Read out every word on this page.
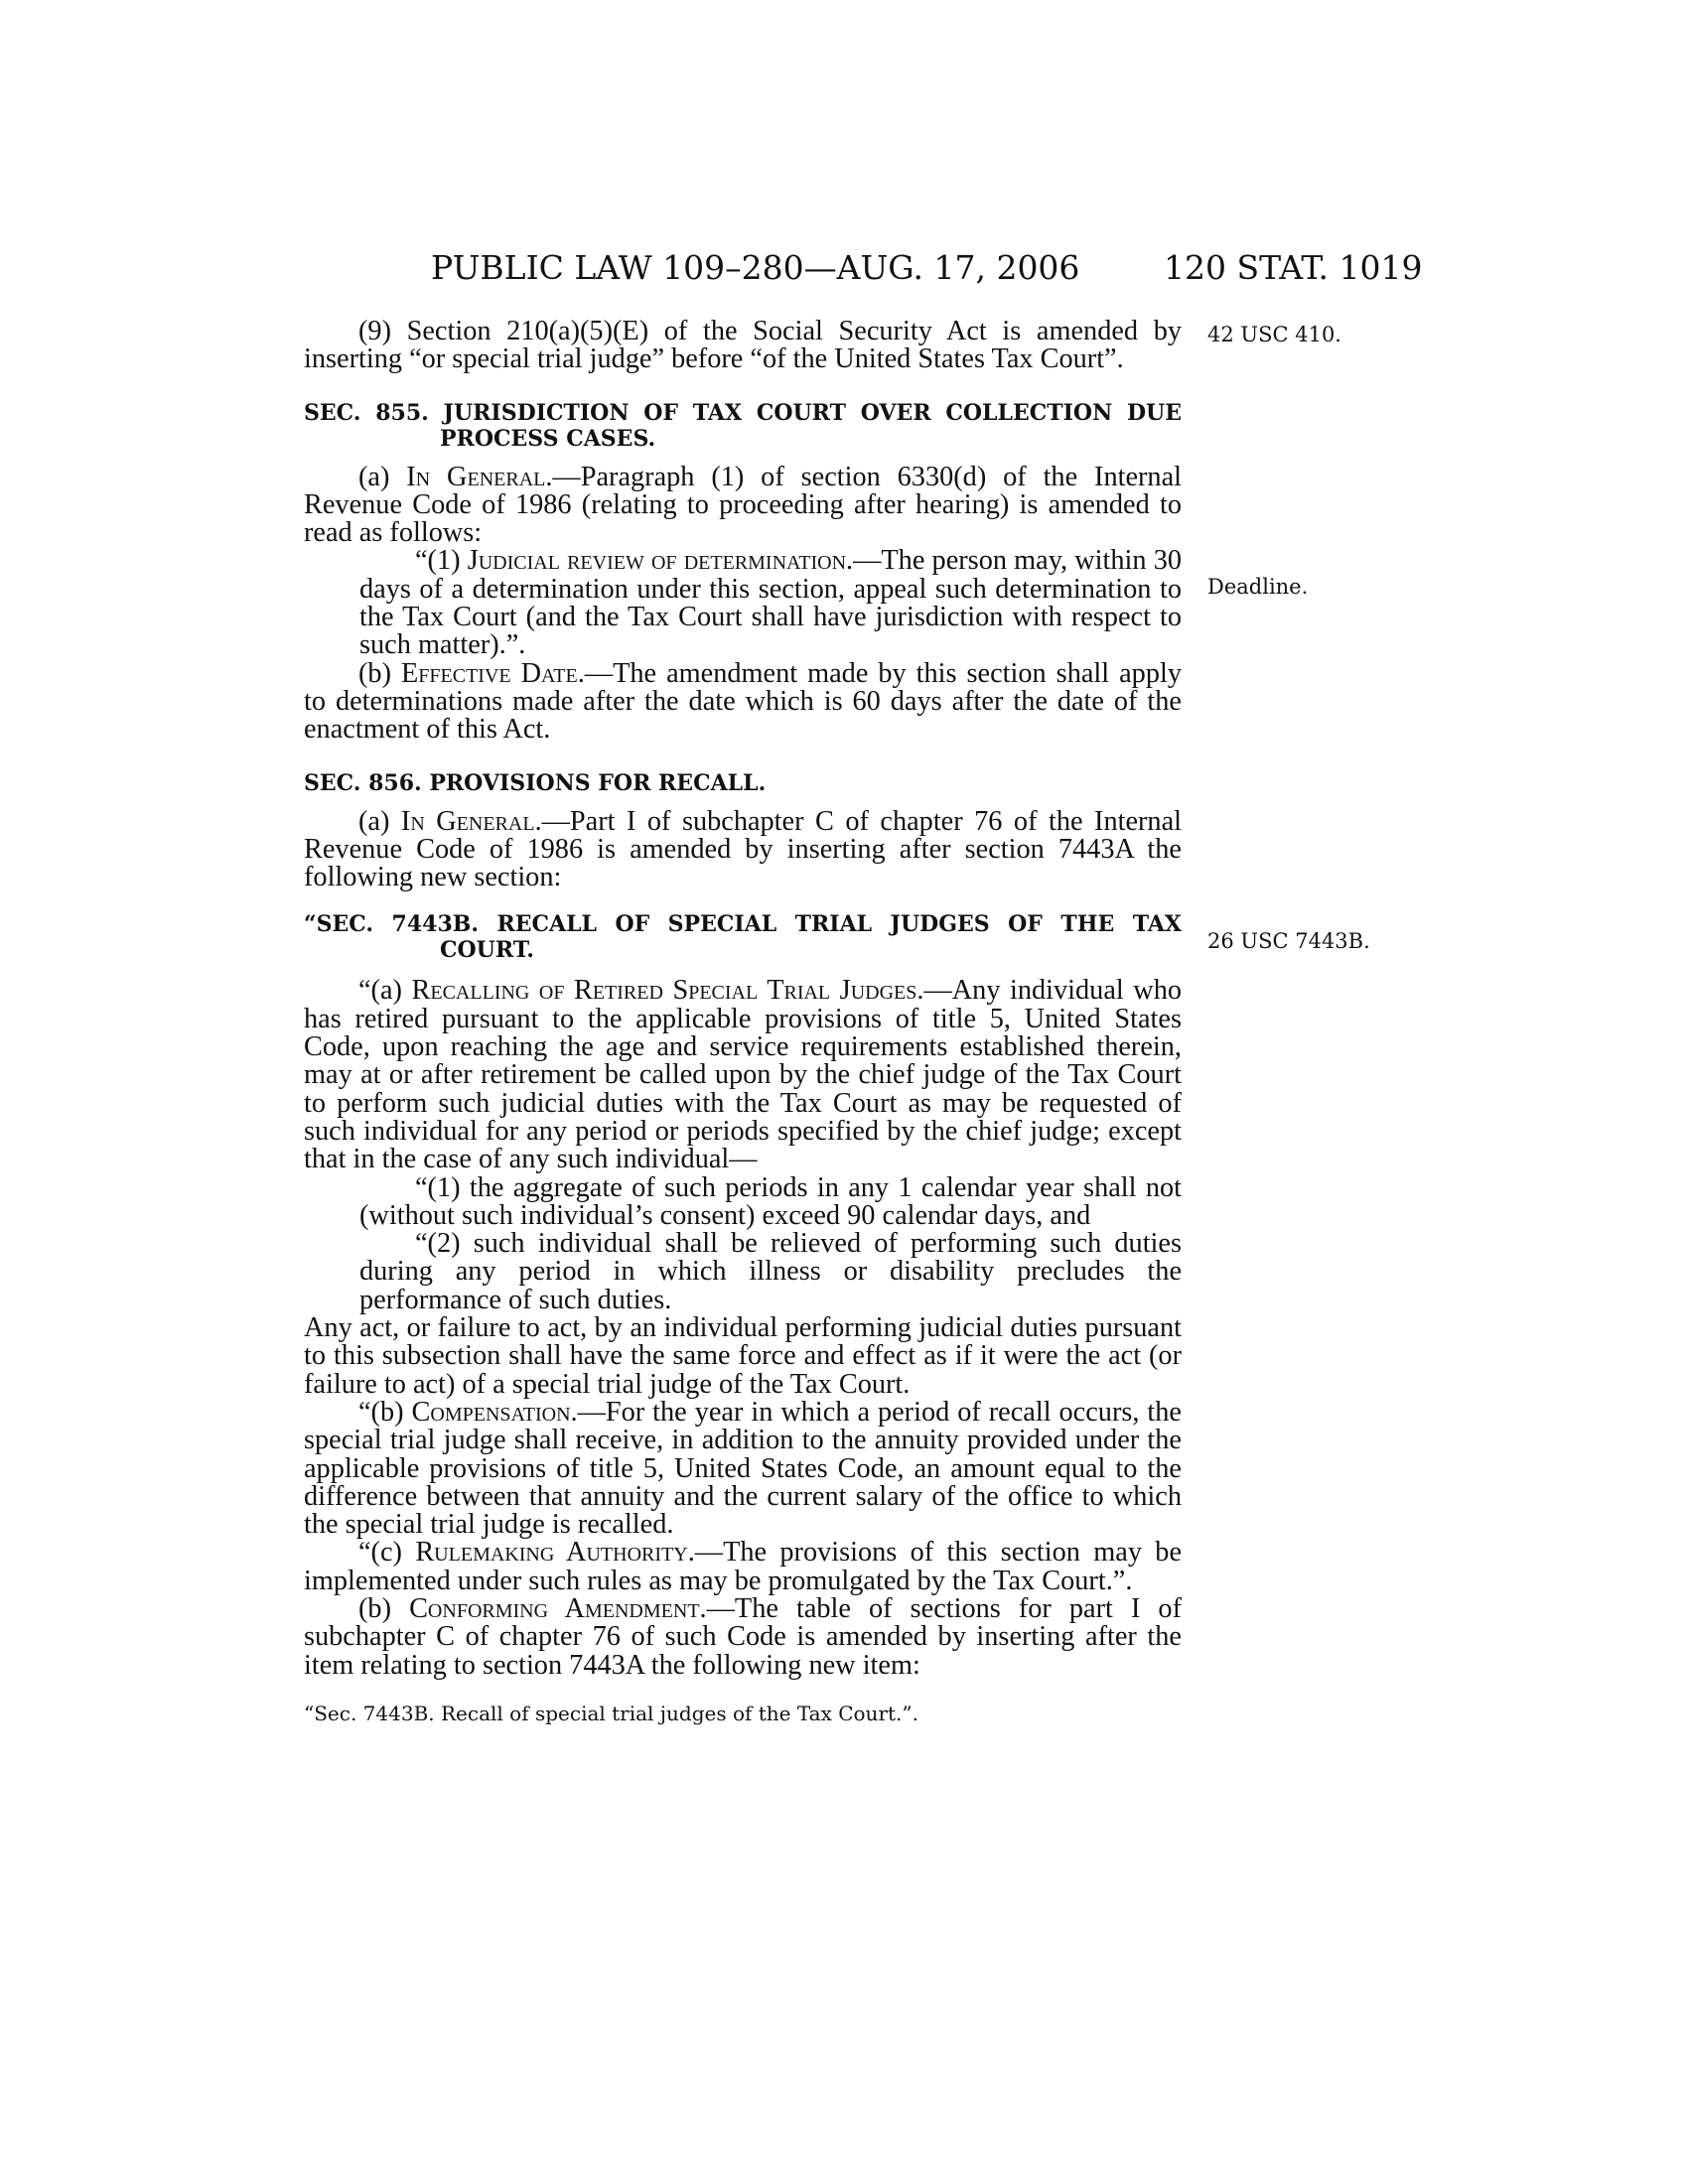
PUBLIC LAW 109–280—AUG. 17, 2006	120 STAT. 1019
42 USC 410.
Deadline.
26 USC 7443B.

(9) Section 210(a)(5)(E) of the Social Security Act is amended by inserting “or special trial judge” before “of the United States Tax Court”.

SEC. 855. JURISDICTION OF TAX COURT OVER COLLECTION DUE PROCESS CASES.

(a) In General.—Paragraph (1) of section 6330(d) of the Internal Revenue Code of 1986 (relating to proceeding after hearing) is amended to read as follows:

“(1) Judicial review of determination.—The person may, within 30 days of a determination under this section, appeal such determination to the Tax Court (and the Tax Court shall have jurisdiction with respect to such matter).”.

(b) Effective Date.—The amendment made by this section shall apply to determinations made after the date which is 60 days after the date of the enactment of this Act.

SEC. 856. PROVISIONS FOR RECALL.

(a) In General.—Part I of subchapter C of chapter 76 of the Internal Revenue Code of 1986 is amended by inserting after section 7443A the following new section:

“SEC. 7443B. RECALL OF SPECIAL TRIAL JUDGES OF THE TAX COURT.

“(a) Recalling of Retired Special Trial Judges.—Any individual who has retired pursuant to the applicable provisions of title 5, United States Code, upon reaching the age and service requirements established therein, may at or after retirement be called upon by the chief judge of the Tax Court to perform such judicial duties with the Tax Court as may be requested of such individual for any period or periods specified by the chief judge; except that in the case of any such individual—

“(1) the aggregate of such periods in any 1 calendar year shall not (without such individual’s consent) exceed 90 calendar days, and

“(2) such individual shall be relieved of performing such duties during any period in which illness or disability precludes the performance of such duties.

Any act, or failure to act, by an individual performing judicial duties pursuant to this subsection shall have the same force and effect as if it were the act (or failure to act) of a special trial judge of the Tax Court.

“(b) Compensation.—For the year in which a period of recall occurs, the special trial judge shall receive, in addition to the annuity provided under the applicable provisions of title 5, United States Code, an amount equal to the difference between that annuity and the current salary of the office to which the special trial judge is recalled.

“(c) Rulemaking Authority.—The provisions of this section may be implemented under such rules as may be promulgated by the Tax Court.”.

(b) Conforming Amendment.—The table of sections for part I of subchapter C of chapter 76 of such Code is amended by inserting after the item relating to section 7443A the following new item:

“Sec. 7443B. Recall of special trial judges of the Tax Court.”.
